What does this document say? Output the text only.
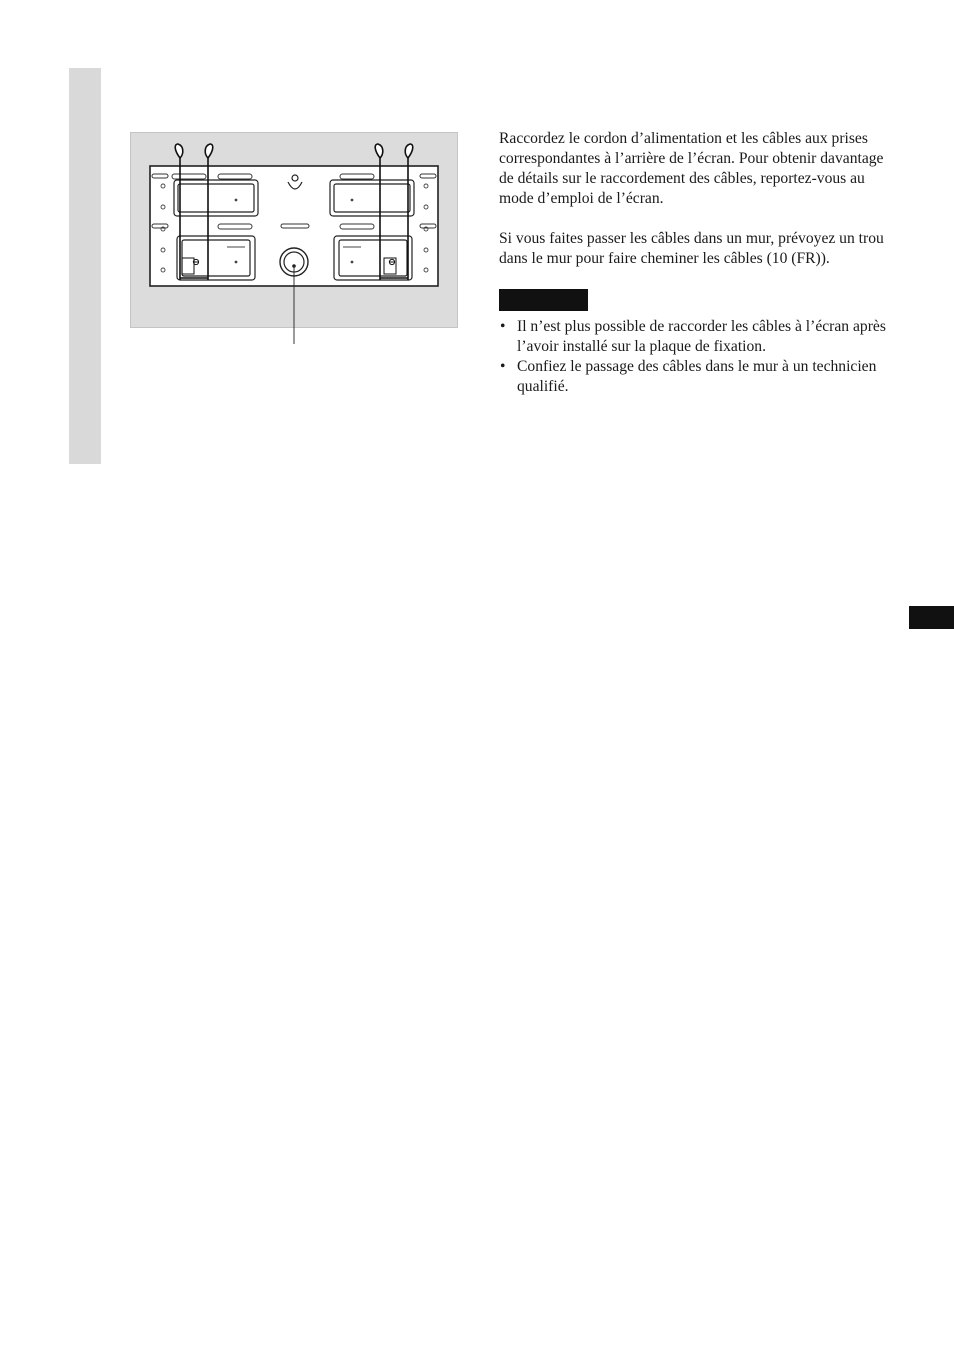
Raccordez le cordon d’alimentation et les câbles aux prises correspondantes à l’arrière de l’écran. Pour obtenir davantage de détails sur le raccordement des câbles, reportez-vous au mode d’emploi de l’écran.

Si vous faites passer les câbles dans un mur, prévoyez un trou dans le mur pour faire cheminer les câbles (10 (FR)).

• Il n’est plus possible de raccorder les câbles à l’écran après l’avoir installé sur la plaque de fixation.
• Confiez le passage des câbles dans le mur à un technicien qualifié.
